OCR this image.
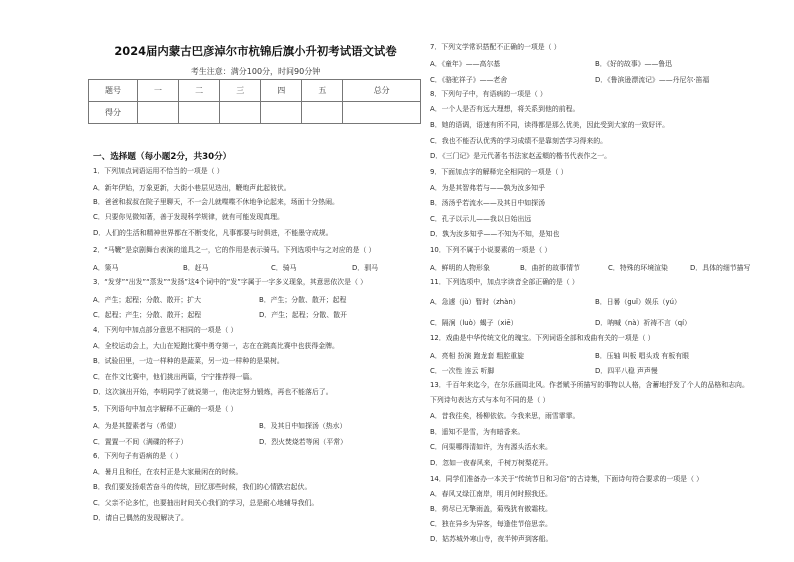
2024届内蒙古巴彦淖尔市杭锦后旗小升初考试语文试卷
考生注意：满分100分，时间90分钟
题号	一	二	三	四	五	总分
得分						
一、选择题（每小题2分，共30分）
1．下列加点词语运用不恰当的一项是（ ）
A．新年伊始，万象更新，大街小巷层见迭出，鞭炮声此起彼伏。
B．爸爸和叔叔在院子里聊天，不一会儿就喋喋不休地争论起来，场面十分热闹。
C．只要你见微知著，善于发现科学规律，就有可能发现真理。
D．人们的生活和精神世界都在不断变化，凡事都要与时俱进，不能墨守成规。
2．“马鞭”是京剧舞台表演的道具之一，它的作用是表示骑马。下列选项中与之对应的是（ ）
A．策马	B．赶马	C．骑马	D．驯马
3．“发芽”“出发”“蒸发”“发扬”这4个词中的“发”字属于一字多义现象，其意思依次是（ ）
A．产生；起程；分散、散开；扩大	B．产生；分散、散开；起程
C．起程；产生；分散、散开；起程	D．产生；起程；分散、散开
4．下列句中加点部分意思不相同的一项是（ ）
A．全校运动会上，大山在短跑比赛中勇夺第一，志在在跳高比赛中也获得金牌。
B．试验田里，一边一样种的是蔬菜，另一边一样种的是果树。
C．在作文比赛中，他们挑出两篇，宁宁推荐得一篇。
D．这次演出开始，李明同学了就说第一，他决定努力锻炼，再也不能落后了。
5．下列语句中加点字解释不正确的一项是（ ）
A．为是其盟素者与（希望）	B．及其日中如探汤（热水）
C．置置一不间（满碟的杯子）	D．烈火焚烧若等闲（平常）
6．下列句子有语病的是（ ）
A．暑月且和任，在农村正是大家最闲在的时候。
B．我们要发扬艰苦奋斗的传统，回忆那些时候，我们的心情跌宕起伏。
C．父亲不论多忙，也要抽出时间关心我们的学习，总是耐心地辅导我们。
D．请自己偶然的发现解决了。
7．下列文学常识搭配不正确的一项是（ ）
A．《童年》——高尔基	B．《好的故事》——鲁迅
C．《骆驼祥子》——老舍	D．《鲁滨逊漂流记》——丹尼尔·笛福
8．下列句子中，有语病的一项是（ ）
A．一个人是否有远大理想，将关系到他的前程。
B．她的语调，语速有所不同，读得都是那么优美，因此受到大家的一致好评。
C．我也不能否认优秀的学习成绩不是靠刻苦学习得来的。
D．《三门记》是元代著名书法家赵孟頫的楷书代表作之一。
9．下面加点字的解释完全相同的一项是（ ）
A．为是其智弗若与——孰为汝多知乎
B．汤汤乎若流水——及其日中如探汤
C．孔子以示儿——我以日始出远
D．孰为汝多知乎——不知为不知，是知也
10．下列不属于小说要素的一项是（ ）
A．鲜明的人物形象	B．曲折的故事情节	C．特殊的环境渲染	D．具体的细节描写
11．下列选项中，加点字读音全部正确的是（ ）
A．急遽（jù）暂时（zhàn）	B．日晷（guǐ）娱乐（yú）
C．隔涧（luò）蝎子（xiē）	D．呐喊（nà）祈祷不言（qí）
12．戏曲是中华传统文化的瑰宝。下列词语全部和戏曲有关的一项是（ ）
A．亮相 扮演 跑龙套 粗腔重旋	B．压轴 叫板 唱头戏 有板有眼
C．一次性 连云 听脚	D．四平八稳 声声慢
13．千百年来迄今，在尔乐画周北风。作者赋予所描写的事物以人格，含蓄地抒发了个人的品格和志向。
下列诗句表达方式与本句不同的是（ ）
A．昔我往矣，杨柳依依。今我来思，雨雪霏霏。
B．遥知不是雪，为有暗香来。
C．问渠哪得清如许，为有源头活水来。
D．忽如一夜春风来，千树万树梨花开。
14．同学们准备办一本关于“传统节日和习俗”的古诗集，下面诗句符合要求的一项是（ ）
A．春风又绿江南岸，明月何时照我还。
B．荷尽已无擎雨盖，菊残犹有傲霜枝。
C．独在异乡为异客，每逢佳节倍思亲。
D．姑苏城外寒山寺，夜半钟声到客船。
